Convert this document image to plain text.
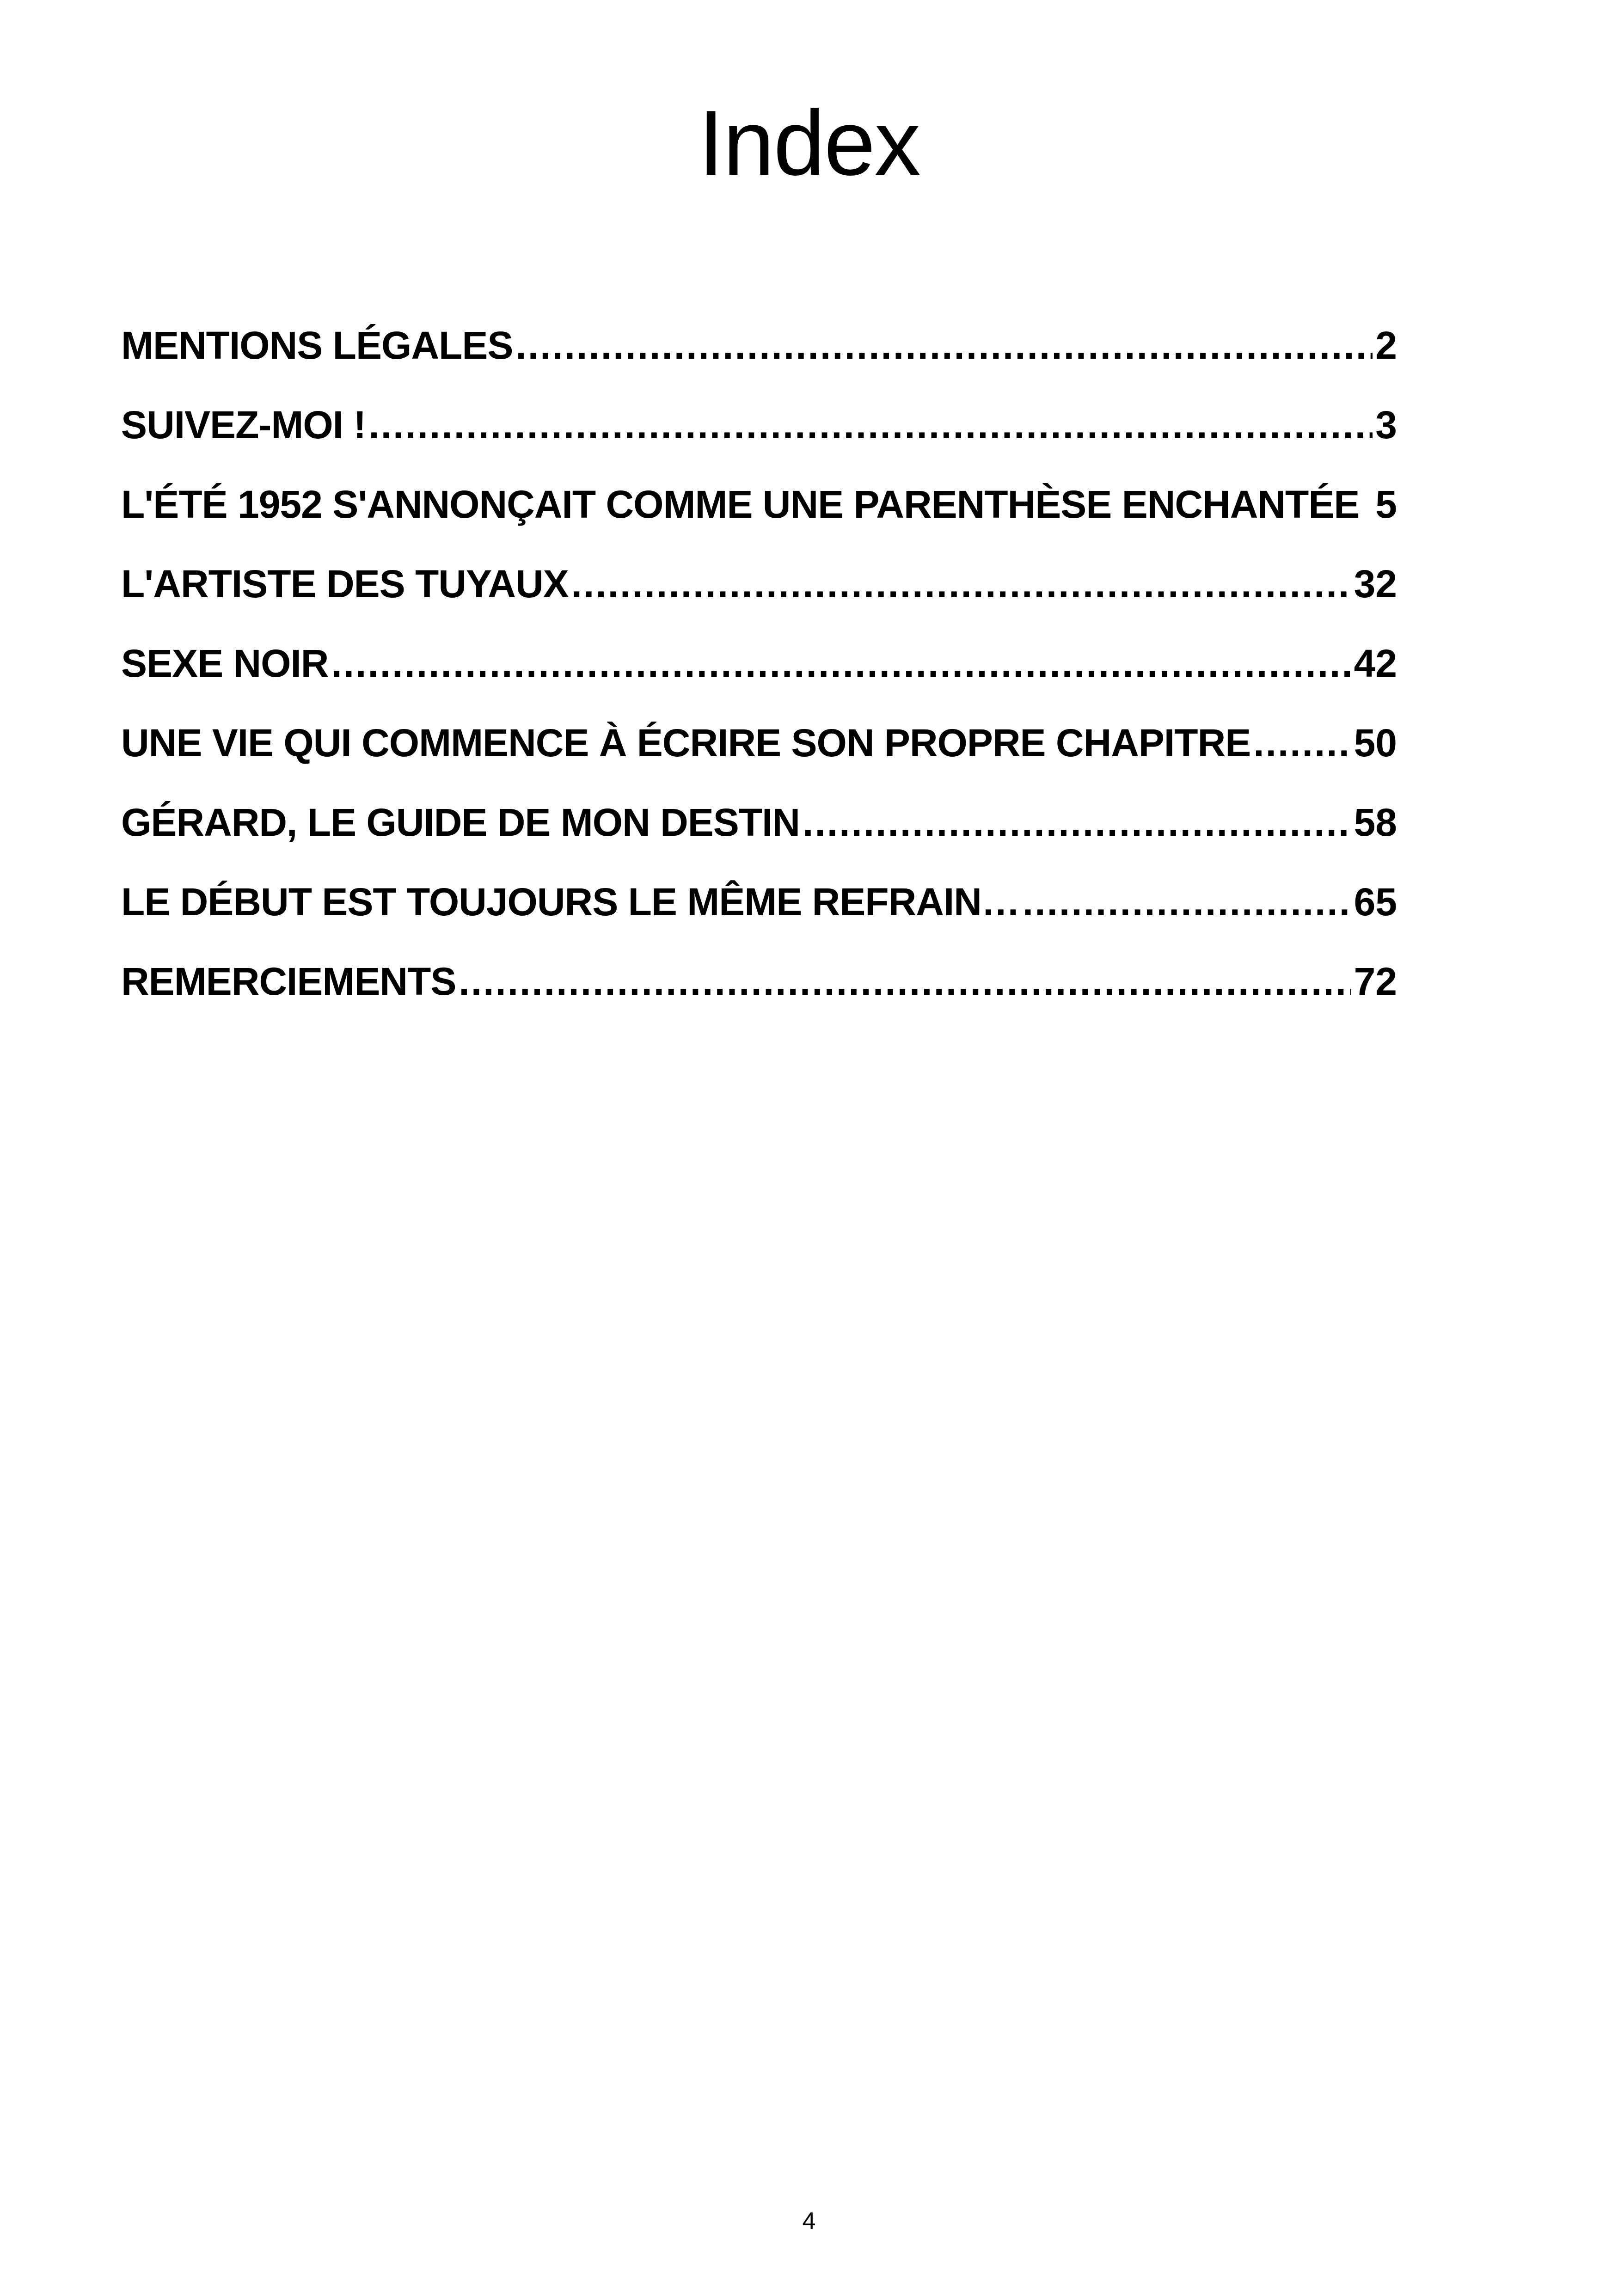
Index
MENTIONS LÉGALES .....	2
SUIVEZ-MOI ! .....	3
L'ÉTÉ 1952 S'ANNONÇAIT COMME UNE PARENTHÈSE ENCHANTÉE 5
L'ARTISTE DES TUYAUX .....	32
SEXE NOIR .....	42
UNE VIE QUI COMMENCE À ÉCRIRE SON PROPRE CHAPITRE .....	50
GÉRARD, LE GUIDE DE MON DESTIN .....	58
LE DÉBUT EST TOUJOURS LE MÊME REFRAIN… .....	65
REMERCIEMENTS .....	72
4
